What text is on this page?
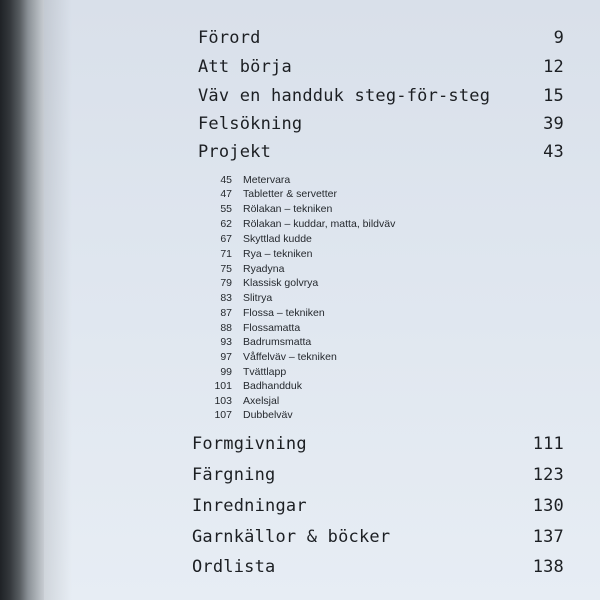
9
Förord
12
Att börja
15
Väv en handduk steg-för-steg
39
Felsökning
43
Projekt
45 Metervara
47 Tabletter & servetter
55 Rölakan – tekniken
62 Rölakan – kuddar, matta, bildväv
67 Skyttlad kudde
71 Rya – tekniken
75 Ryadyna
79 Klassisk golvrya
83 Slitrya
87 Flossa – tekniken
88 Flossamatta
93 Badrumsmatta
97 Våffelväv – tekniken
99 Tvättlapp
101 Badhandduk
103 Axelsjal
107 Dubbelväv
111
Formgivning
123
Färgning
130
Inredningar
137
Garnkällor & böcker
138
Ordlista
